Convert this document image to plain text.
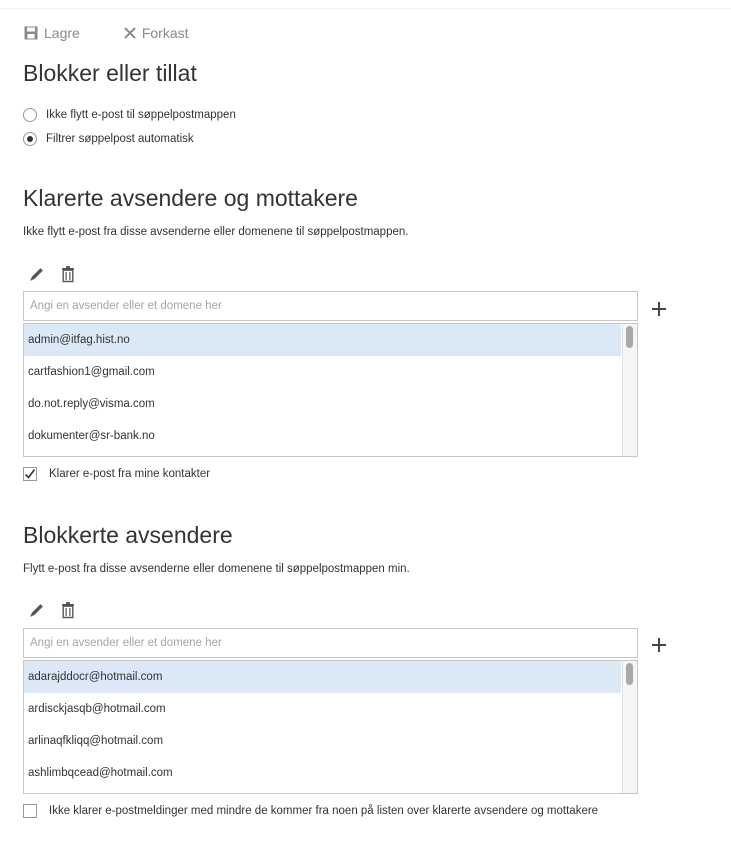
Lagre	Forkast
Blokker eller tillat
Ikke flytt e-post til søppelpostmappen
Filtrer søppelpost automatisk
Klarerte avsendere og mottakere
Ikke flytt e-post fra disse avsenderne eller domenene til søppelpostmappen.
Angi en avsender eller et domene her
admin@itfag.hist.no
cartfashion1@gmail.com
do.not.reply@visma.com
dokumenter@sr-bank.no
Klarer e-post fra mine kontakter
Blokkerte avsendere
Flytt e-post fra disse avsenderne eller domenene til søppelpostmappen min.
Angi en avsender eller et domene her
adarajddocr@hotmail.com
ardisckjasqb@hotmail.com
arlinaqfkliqq@hotmail.com
ashlimbqcead@hotmail.com
Ikke klarer e-postmeldinger med mindre de kommer fra noen på listen over klarerte avsendere og mottakere
